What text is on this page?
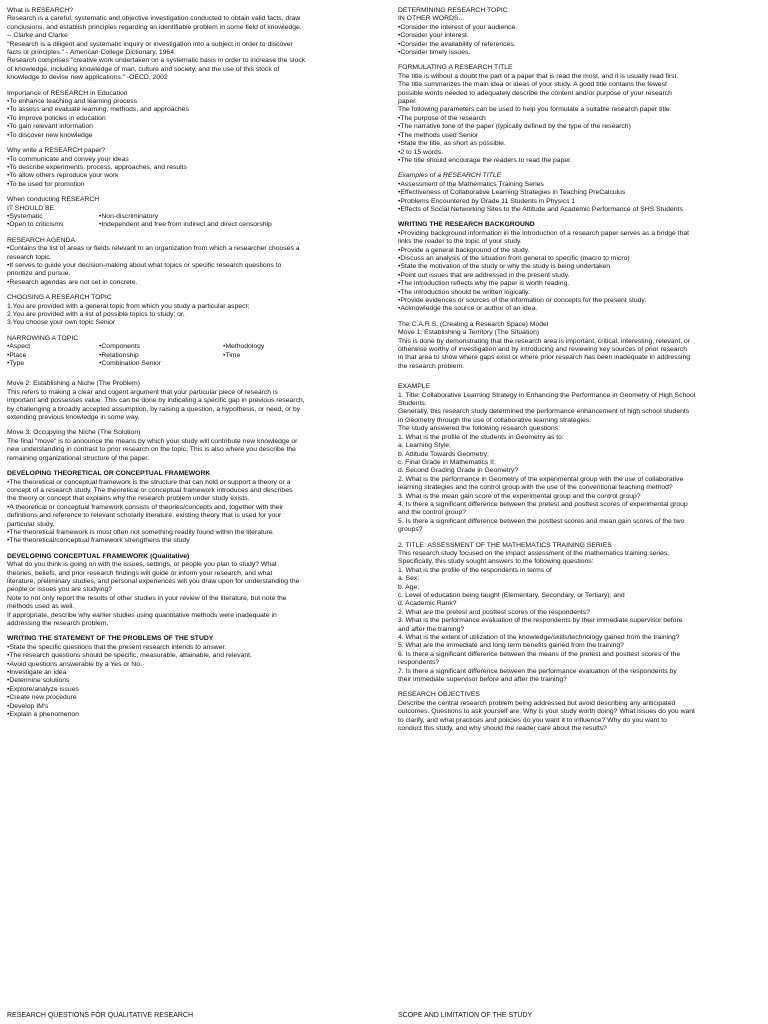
What is RESEARCH?

Research is a careful, systematic and objective investigation conducted to obtain valid facts, draw

conclusions, and establish principles regarding an identifiable problem in some field of knowledge.

-- Clarke and Clarke

"Research is a diligent and systematic inquiry or investigation into a subject in order to discover

facts or principles." - American College Dictionary, 1964

Research comprises "creative work undertaken on a systematic basis in order to increase the stock

of knowledge, including knowledge of man, culture and society, and the use of this stock of

knowledge to devise new applications." -OECD, 2002

Importance of RESEARCH in Education

•To enhance teaching and learning process

•To assess and evaluate learning, methods, and approaches

•To improve policies in education

•To gain relevant information

•To discover new knowledge

Why write a RESEARCH paper?

•To communicate and convey your ideas

•To describe experiments, process, approaches, and results

•To allow others reproduce your work

•To be used for promotion

When conducting RESEARCH

IT SHOULD BE:

•Systematic	•Non-discriminatory
•Open to criticisms	•Independent and free from indirect and direct censorship

RESEARCH AGENDA

•Contains the list of areas or fields relevant to an organization from which a researcher chooses a

research topic.

•It serves to guide your decision-making about what topics or specific research questions to

prioritize and pursue.

•Research agendas are not set in concrete.

CHOOSING A RESEARCH TOPIC

1.You are provided with a general topic from which you study a particular aspect;

2.You are provided with a list of possible topics to study; or,

3.You choose your own topic Senior

NARROWING A TOPIC

•Aspect	•Components	•Methodology
•Place	•Relationship	•Time
•Type	•Combination Senior

Move 2: Establishing a Niche (The Problem)

This refers to making a clear and cogent argument that your particular piece of research is

important and possesses value. This can be done by indicating a specific gap in previous research,

by challenging a broadly accepted assumption, by raising a question, a hypothesis, or need, or by

extending previous knowledge in some way.

Move 3: Occupying the Niche (The Solution)

The final "move" is to announce the means by which your study will contribute new knowledge or

new understanding in contrast to prior research on the topic. This is also where you describe the

remaining organizational structure of the paper.

DEVELOPING THEORETICAL OR CONCEPTUAL FRAMEWORK

•The theoretical or conceptual framework is the structure that can hold or support a theory or a

concept of a research study. The theoretical or conceptual framework introduces and describes

the theory or concept that explains why the research problem under study exists.

•A theoretical or conceptual framework consists of theories/concepts and, together with their

definitions and reference to relevant scholarly literature, existing theory that is used for your

particular study.

•The theoretical framework is most often not something readily found within the literature.

•The theoretical/conceptual framework strengthens the study

DEVELOPING CONCEPTUAL FRAMEWORK (Qualitative)

What do you think is going on with the issues, settings, or people you plan to study? What

theories, beliefs, and prior research findings will guide or inform your research, and what

literature, preliminary studies, and personal experiences will you draw upon for understanding the

people or issues you are studying?

Note to not only report the results of other studies in your review of the literature, but note the

methods used as well.

If appropriate, describe why earlier studies using quantitative methods were inadequate in

addressing the research problem.

WRITING THE STATEMENT OF THE PROBLEMS OF THE STUDY

•State the specific questions that the present research intends to answer.

•The research questions should be specific, measurable, attainable, and relevant.

•Avoid questions answerable by a Yes or No.

•Investigate an idea

•Determine solutions

•Explore/analyze issues

•Create new procedure

•Develop IM's

•Explain a phenomenon

DETERMINING RESEARCH TOPIC

IN OTHER WORDS...

•Consider the interest of your audience.

•Consider your interest.

•Consider the availability of references.

•Consider timely issues.

FORMULATING A RESEARCH TITLE

The title is without a doubt the part of a paper that is read the most, and it is usually read first.

The title summarizes the main idea or ideas of your study. A good title contains the fewest

possible words needed to adequately describe the content and/or purpose of your research

paper.

The following parameters can be used to help you formulate a suitable research paper title:

•The purpose of the research

•The narrative tone of the paper (typically defined by the type of the research)

•The methods used Senior

•State the title, as short as possible.

•2 to 15 words.

•The title should encourage the readers to read the paper.

Examples of a RESEARCH TITLE

•Assessment of the Mathematics Training Series

•Effectiveness of Collaborative Learning Strategies in Teaching PreCalculus

•Problems Encountered by Grade 11 Students in Physics 1

•Effects of Social Networking Sites to the Attitude and Academic Performance of SHS Students

WRITING THE RESEARCH BACKGROUND

•Providing background information in the Introduction of a research paper serves as a bridge that

links the reader to the topic of your study.

•Provide a general background of the study.

•Discuss an analysis of the situation from general to specific (macro to micro)

•State the motivation of the study or why the study is being undertaken

•Point out issues that are addressed in the present study.

•The introduction reflects why the paper is worth reading.

•The introduction should be written logically.

•Provide evidences or sources of the information or concepts for the present study.

•Acknowledge the source or author of an idea.

The C.A.R.S. (Creating a Research Space) Model

Move 1: Establishing a Territory (The Situation)

This is done by demonstrating that the research area is important, critical, interesting, relevant, or

otherwise worthy of investigation and by introducing and reviewing key sources of prior research

in that area to show where gaps exist or where prior research has been inadequate in addressing

the research problem.

EXAMPLE

1. Title: Collaborative Learning Strategy in Enhancing the Performance in Geometry of High School

Students.

Generally, this research study determined the performance enhancement of high school students

in Geometry through the use of collaborative learning strategies.

The study answered the following research questions:

1. What is the profile of the students in Geometry as to:

a. Learning Style;

b. Attitude Towards Geometry;

c. Final Grade in Mathematics II;

d. Second Grading Grade in Geometry?

2. What is the performance in Geometry of the experimental group with the use of collaborative

learning strategies and the control group with the use of the conventional teaching method?

3. What is the mean gain score of the experimental group and the control group?

4. Is there a significant difference between the pretest and posttest scores of experimental group

and the control group?

5. Is there a significant difference between the posttest scores and mean gain scores of the two

groups?

2. TITLE: ASSESSMENT OF THE MATHEMATICS TRAINING SERIES

This research study focused on the impact assessment of the mathematics training series.

Specifically, this study sought answers to the following questions:

1. What is the profile of the respondents in terms of

a. Sex;

b. Age;

c. Level of education being taught (Elementary, Secondary, or Tertiary); and

d. Academic Rank?

2. What are the pretest and posttest scores of the respondents?

3. What is the performance evaluation of the respondents by their immediate supervisor before

and after the training?

4. What is the extent of utilization of the knowledge/skills/technology gained from the training?

5. What are the immediate and long term benefits gained from the training?

6. Is there a significant difference between the means of the pretest and posttest scores of the

respondents?

7. Is there a significant difference between the performance evaluation of the respondents by

their immediate supervisor before and after the training?

RESEARCH OBJECTIVES

Describe the central research problem being addressed but avoid describing any anticipated

outcomes. Questions to ask yourself are: Why is your study worth doing? What issues do you want

to clarify, and what practices and policies do you want it to influence? Why do you want to

conduct this study, and why should the reader care about the results?

RESEARCH QUESTIONS FOR QUALITATIVE RESEARCH	SCOPE AND LIMITATION OF THE STUDY
